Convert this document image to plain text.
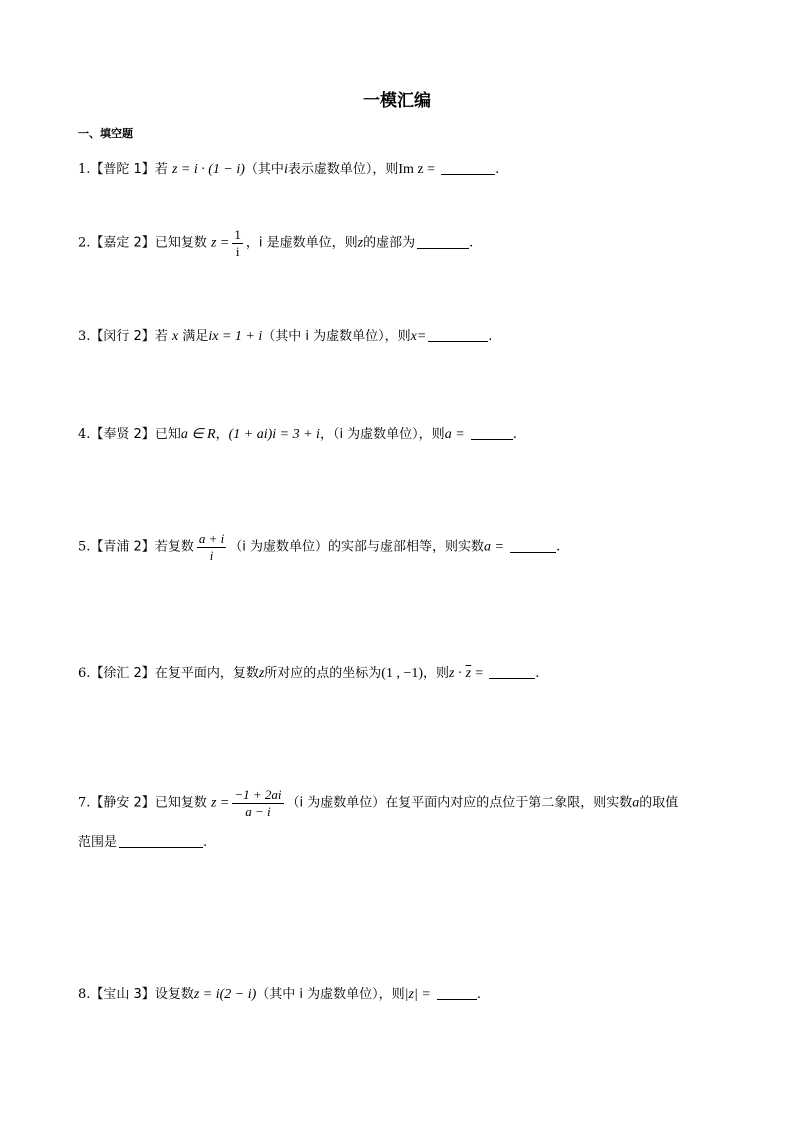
一模汇编
一、填空题
1.【普陀 1】若 z = i · (1 − i)（其中i表示虚数单位），则Im z =	.
2.【嘉定 2】已知复数 $z = \frac{1}{i}$ ，i 是虚数单位，则z的虚部为	.
3.【闵行 2】若 x 满足ix = 1 + i（其中 i 为虚数单位），则x=	.
4.【奉贤 2】已知a ∈ R，(1 + ai)i = 3 + i，（i 为虚数单位），则a =	.
5.【青浦 2】若复数 $\frac{a + i}{i} (i$ 为虚数单位）的实部与虚部相等，则实数a =	.
6.【徐汇 2】在复平面内，复数z所对应的点的坐标为(1 , −1)，则$z \cdot \overline{z}$ =	.
7.【静安 2】已知复数 $z = \frac{-1 + 2ai}{a - i} (i$ 为虚数单位）在复平面内对应的点位于第二象限，则实数a的取值
范围是	.
8.【宝山 3】设复数z = i(2 − i)（其中 i 为虚数单位），则|z| =	.
